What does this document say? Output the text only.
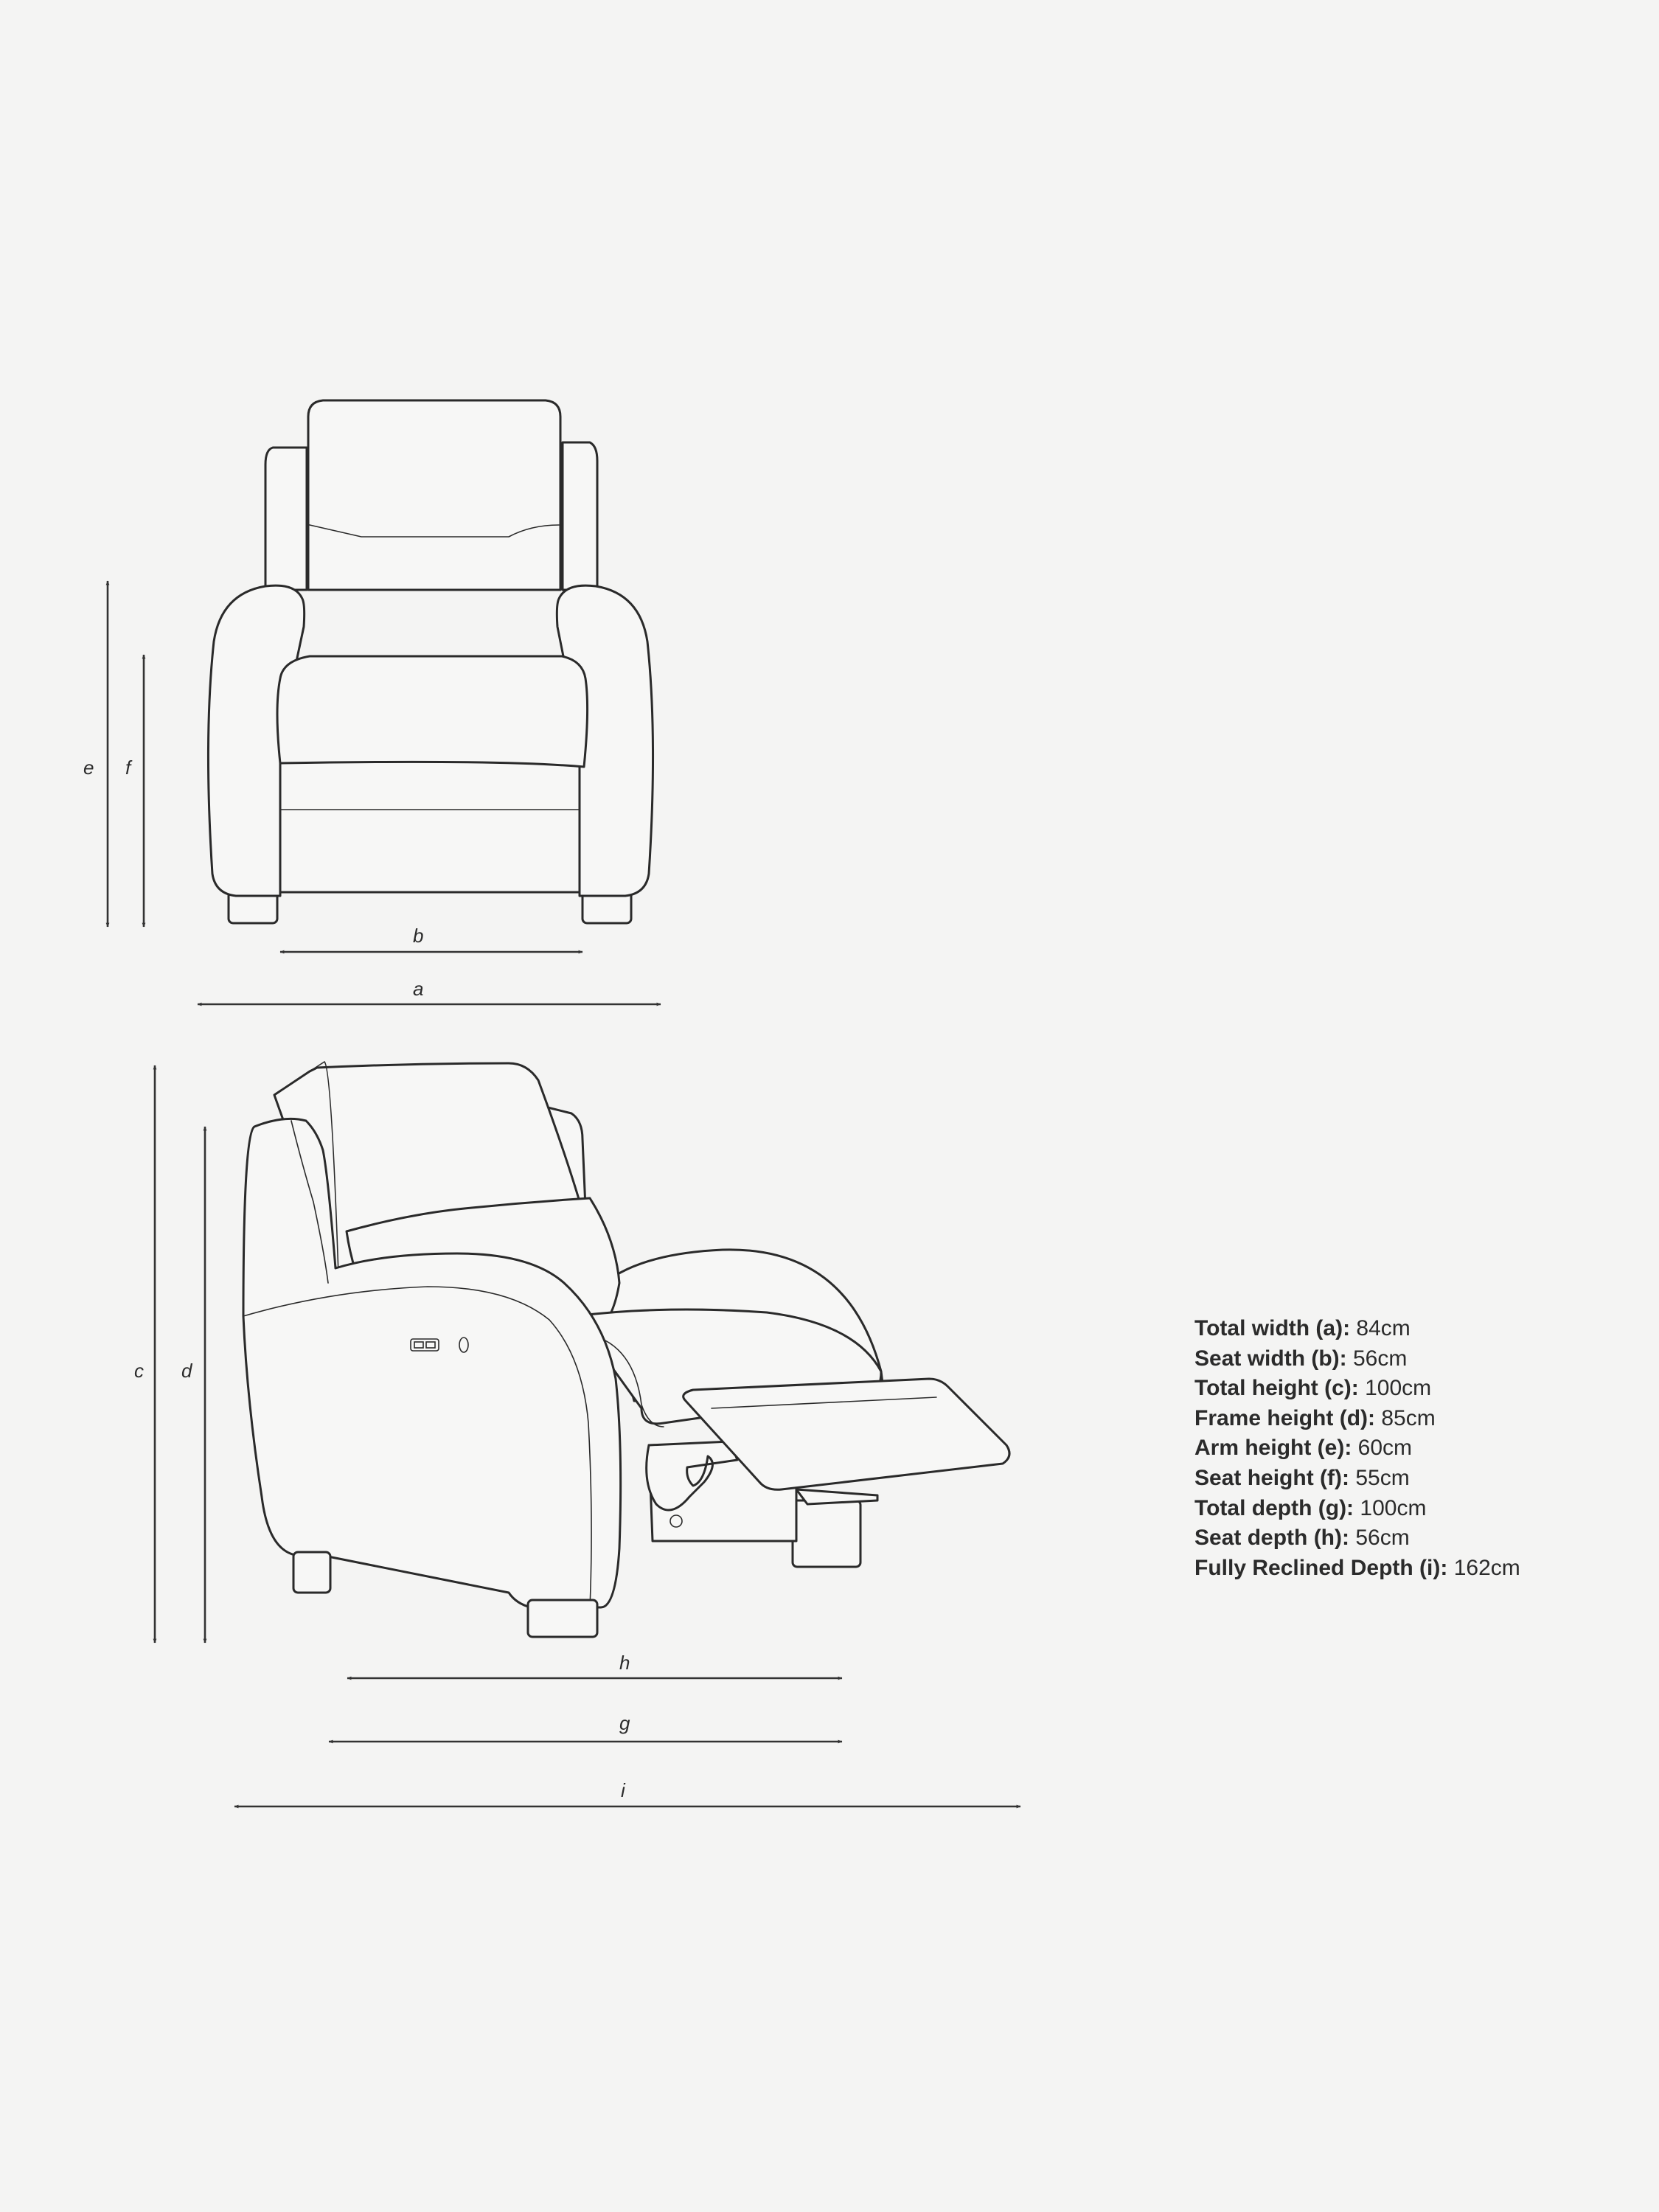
e f
b
a
c d
h
g
i
Total width (a): 84cm
Seat width (b): 56cm
Total height (c): 100cm
Frame height (d): 85cm
Arm height (e): 60cm
Seat height (f): 55cm
Total depth (g): 100cm
Seat depth (h): 56cm
Fully Reclined Depth (i): 162cm
